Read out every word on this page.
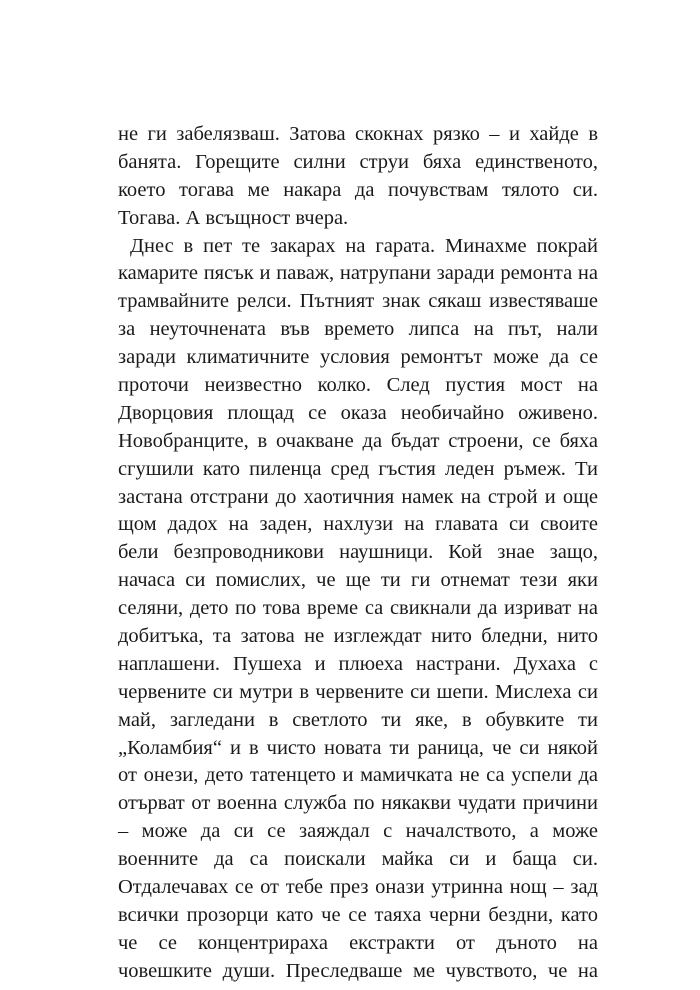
не ги забелязваш. Затова скокнах рязко – и хайде в
банята. Горещите силни струи бяха единственото,
което тогава ме накара да почувствам тялото си.
Тогава. А всъщност вчера.
Днес в пет те закарах на гарата. Минахме покрай
камарите пясък и паваж, натрупани заради ремонта на
трамвайните релси. Пътният знак сякаш известяваше
за неуточнената във времето липса на път, нали
заради климатичните условия ремонтът може да се
проточи неизвестно колко. След пустия мост на
Дворцовия площад се оказа необичайно оживено.
Новобранците, в очакване да бъдат строени, се бяха
сгушили като пиленца сред гъстия леден ръмеж. Ти
застана отстрани до хаотичния намек на строй и още
щом дадох на заден, нахлузи на главата си своите
бели безпроводникови наушници. Кой знае защо,
начаса си помислих, че ще ти ги отнемат тези яки
селяни, дето по това време са свикнали да изриват на
добитъка, та затова не изглеждат нито бледни, нито
наплашени. Пушеха и плюеха настрани. Духаха с
червените си мутри в червените си шепи. Мислеха си
май, загледани в светлото ти яке, в обувките ти
„Коламбия“ и в чисто новата ти раница, че си някой
от онези, дето татенцето и мамичката не са успели да
отърват от военна служба по някакви чудати причини
– може да си се заяждал с началството, а може
военните да са поискали майка си и баща си.
Отдалечавах се от тебе през онази утринна нощ – зад
всички прозорци като че се таяха черни бездни, като
че се концентрираха екстракти от дъното на
човешките души. Преследваше ме чувството, че на
